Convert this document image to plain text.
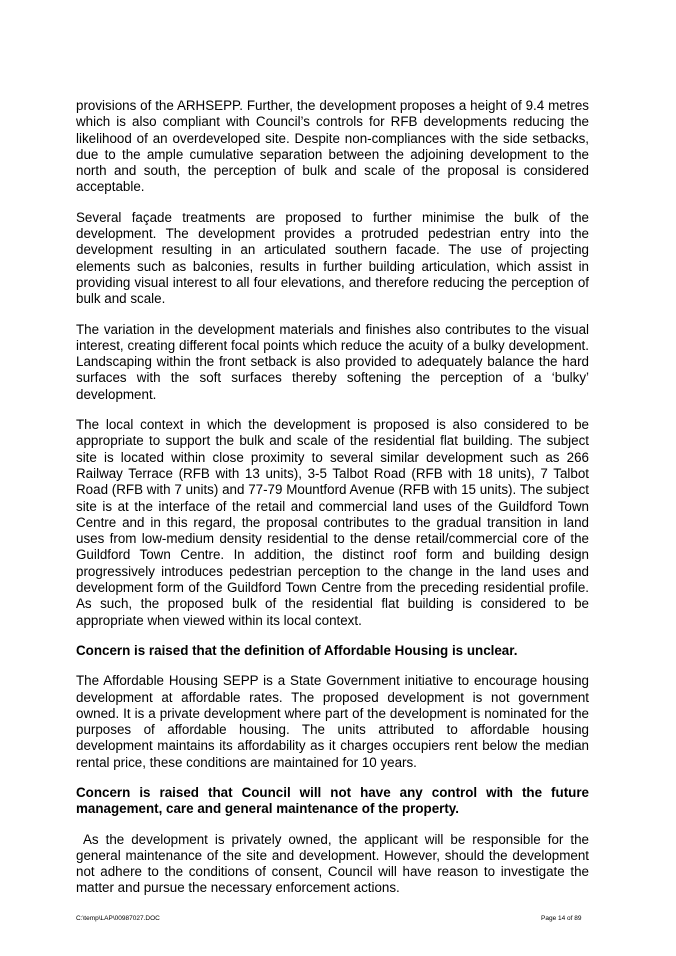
provisions of the ARHSEPP. Further, the development proposes a height of 9.4 metres which is also compliant with Council’s controls for RFB developments reducing the likelihood of an overdeveloped site. Despite non-compliances with the side setbacks, due to the ample cumulative separation between the adjoining development to the north and south, the perception of bulk and scale of the proposal is considered acceptable.

Several façade treatments are proposed to further minimise the bulk of the development. The development provides a protruded pedestrian entry into the development resulting in an articulated southern facade. The use of projecting elements such as balconies, results in further building articulation, which assist in providing visual interest to all four elevations, and therefore reducing the perception of bulk and scale.

The variation in the development materials and finishes also contributes to the visual interest, creating different focal points which reduce the acuity of a bulky development. Landscaping within the front setback is also provided to adequately balance the hard surfaces with the soft surfaces thereby softening the perception of a ‘bulky’ development.

The local context in which the development is proposed is also considered to be appropriate to support the bulk and scale of the residential flat building. The subject site is located within close proximity to several similar development such as 266 Railway Terrace (RFB with 13 units), 3-5 Talbot Road (RFB with 18 units), 7 Talbot Road (RFB with 7 units) and 77-79 Mountford Avenue (RFB with 15 units). The subject site is at the interface of the retail and commercial land uses of the Guildford Town Centre and in this regard, the proposal contributes to the gradual transition in land uses from low-medium density residential to the dense retail/commercial core of the Guildford Town Centre. In addition, the distinct roof form and building design progressively introduces pedestrian perception to the change in the land uses and development form of the Guildford Town Centre from the preceding residential profile. As such, the proposed bulk of the residential flat building is considered to be appropriate when viewed within its local context.

Concern is raised that the definition of Affordable Housing is unclear.

The Affordable Housing SEPP is a State Government initiative to encourage housing development at affordable rates. The proposed development is not government owned. It is a private development where part of the development is nominated for the purposes of affordable housing. The units attributed to affordable housing development maintains its affordability as it charges occupiers rent below the median rental price, these conditions are maintained for 10 years.

Concern is raised that Council will not have any control with the future management, care and general maintenance of the property.

As the development is privately owned, the applicant will be responsible for the general maintenance of the site and development. However, should the development not adhere to the conditions of consent, Council will have reason to investigate the matter and pursue the necessary enforcement actions.

C:\temp\LAP\00987027.DOC	Page 14 of 89
